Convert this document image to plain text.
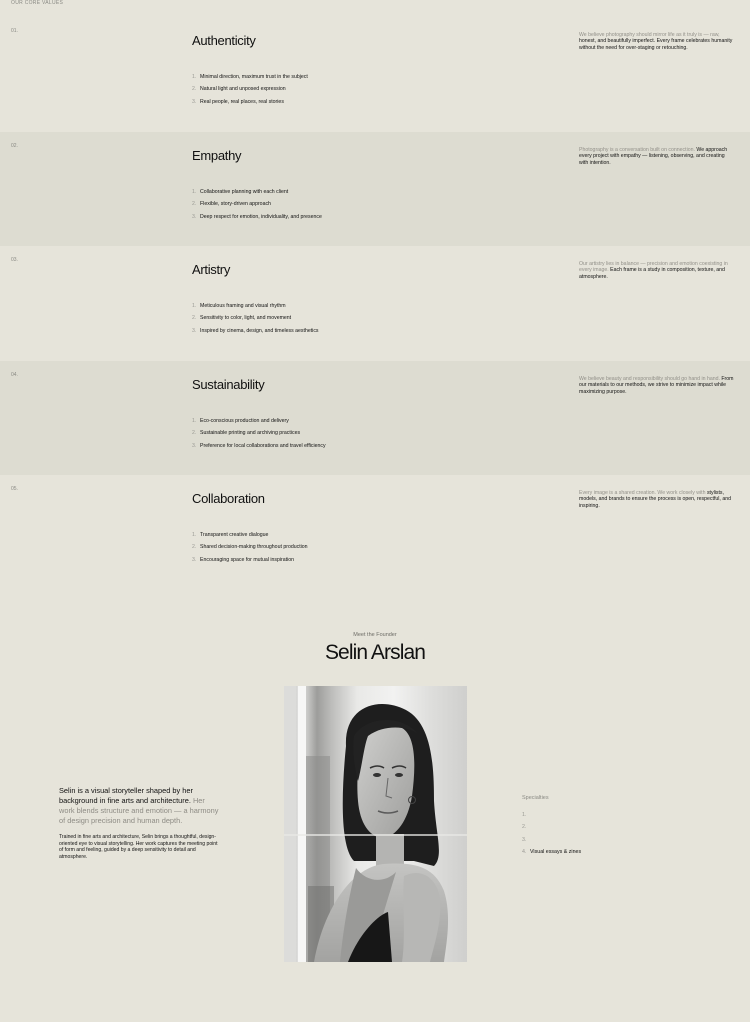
OUR CORE VALUES
01.
Authenticity
1. Minimal direction, maximum trust in the subject
2. Natural light and unposed expression
3. Real people, real places, real stories
We believe photography should mirror life as it truly is — raw, honest, and beautifully imperfect. Every frame celebrates humanity without the need for over-staging or retouching.
02.
Empathy
1. Collaborative planning with each client
2. Flexible, story-driven approach
3. Deep respect for emotion, individuality, and presence
Photography is a conversation built on connection. We approach every project with empathy — listening, observing, and creating with intention.
03.
Artistry
1. Meticulous framing and visual rhythm
2. Sensitivity to color, light, and movement
3. Inspired by cinema, design, and timeless aesthetics
Our artistry lies in balance — precision and emotion coexisting in every image. Each frame is a study in composition, texture, and atmosphere.
04.
Sustainability
1. Eco-conscious production and delivery
2. Sustainable printing and archiving practices
3. Preference for local collaborations and travel efficiency
We believe beauty and responsibility should go hand in hand. From our materials to our methods, we strive to minimize impact while maximizing purpose.
05.
Collaboration
1. Transparent creative dialogue
2. Shared decision-making throughout production
3. Encouraging space for mutual inspiration
Every image is a shared creation. We work closely with stylists, models, and brands to ensure the process is open, respectful, and inspiring.
Meet the Founder
Selin Arslan
Selin is a visual storyteller shaped by her background in fine arts and architecture. Her work blends structure and emotion — a harmony of design precision and human depth.
Trained in fine arts and architecture, Selin brings a thoughtful, design-oriented eye to visual storytelling. Her work captures the meeting point of form and feeling, guided by a deep sensitivity to detail and atmosphere.
Specialties
1.
2.
3.
4. Visual essays & zines
